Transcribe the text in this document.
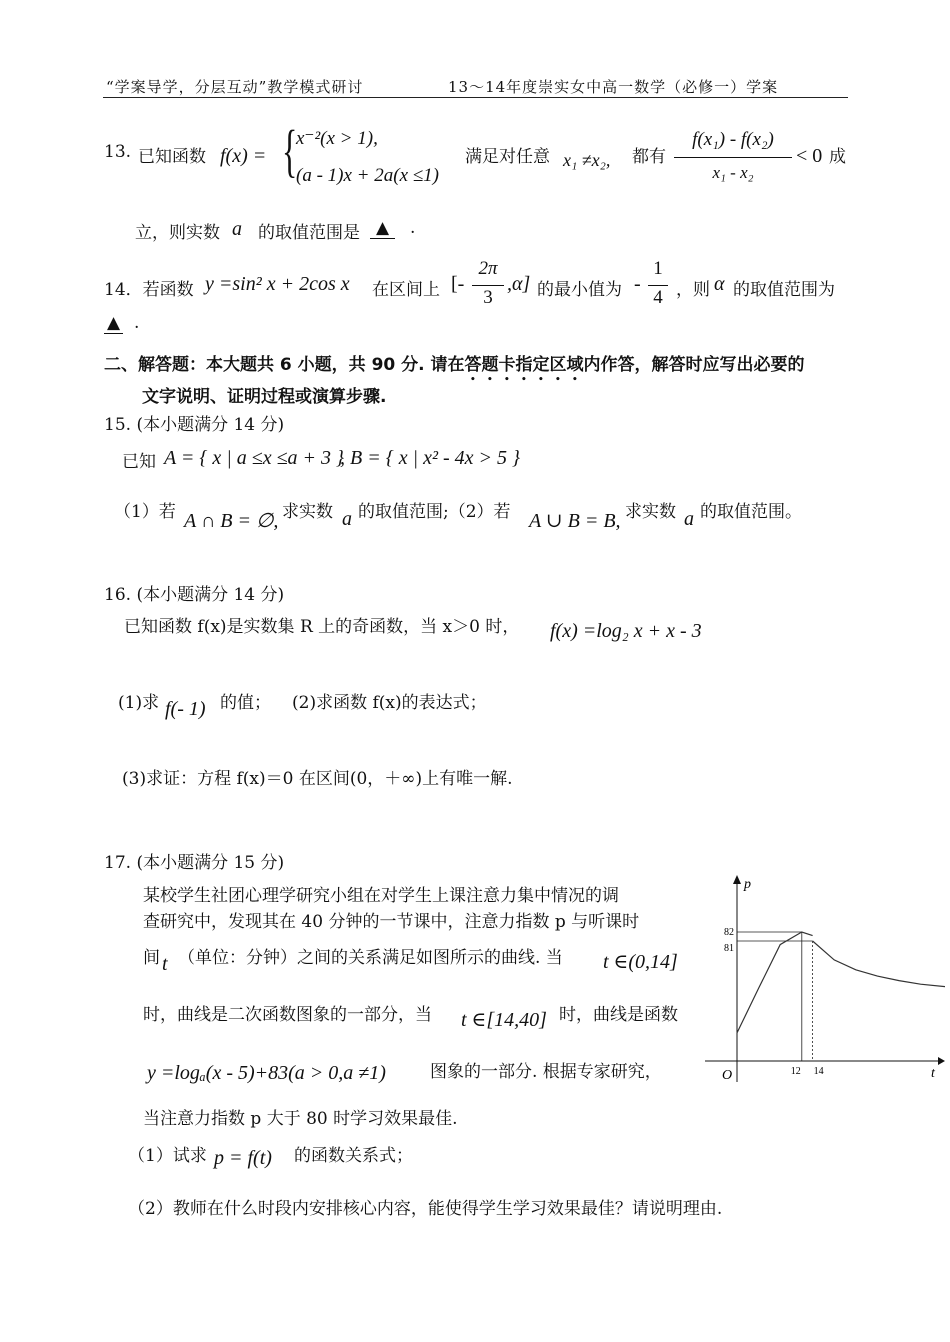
“学案导学，分层互动”教学模式研讨	13～14年度崇实女中高一数学（必修一）学案
13. 已知函数 f(x) = {
x⁻²(x > 1),
(a - 1)x + 2a(x ≤1)
满足对任意 x₁ ≠x₂, 都有
f(x₁) - f(x₂)
x₁ - x₂
< 0 成
立，则实数 a 的取值范围是 ▲	.
14．若函数 y =sin² x + 2cos x 在区间上 [-
2π
3
,α] 的最小值为 -
1
4 ，则 α 的取值范围为
▲ .
二、解答题：本大题共 6 小题，共 90 分. 请在答题卡指定区域内作答，解答时应写出必要的
文字说明、证明过程或演算步骤.
15. (本小题满分 14 分)
已知 A = { x | a ≤x ≤a + 3 }
, B = { x | x² - 4x > 5 }
（1）若 A ∩ B = ∅, 求实数 a 的取值范围;（2）若 A ∪ B = B, 求实数 a 的取值范围。
16. (本小题满分 14 分)
已知函数 f(x)是实数集 R 上的奇函数，当 x＞0 时， f(x) =log₂ x + x - 3
(1)求 f(- 1) 的值； (2)求函数 f(x)的表达式；
(3)求证：方程 f(x)＝0 在区间(0，＋∞)上有唯一解.
17. (本小题满分 15 分)
某校学生社团心理学研究小组在对学生上课注意力集中情况的调
查研究中，发现其在 40 分钟的一节课中，注意力指数 p 与听课时
间 t （单位：分钟）之间的关系满足如图所示的曲线. 当 t ∈(0,14]
时，曲线是二次函数图象的一部分，当 t ∈[14,40] 时，曲线是函数
y =logₐ(x - 5)+83(a > 0,a ≠1)	图象的一部分. 根据专家研究，
当注意力指数 p 大于 80 时学习效果最佳.
（1）试求 p = f(t) 的函数关系式；
（2）教师在什么时段内安排核心内容，能使得学生学习效果最佳？请说明理由.
p
t
O
82
81
12 14
